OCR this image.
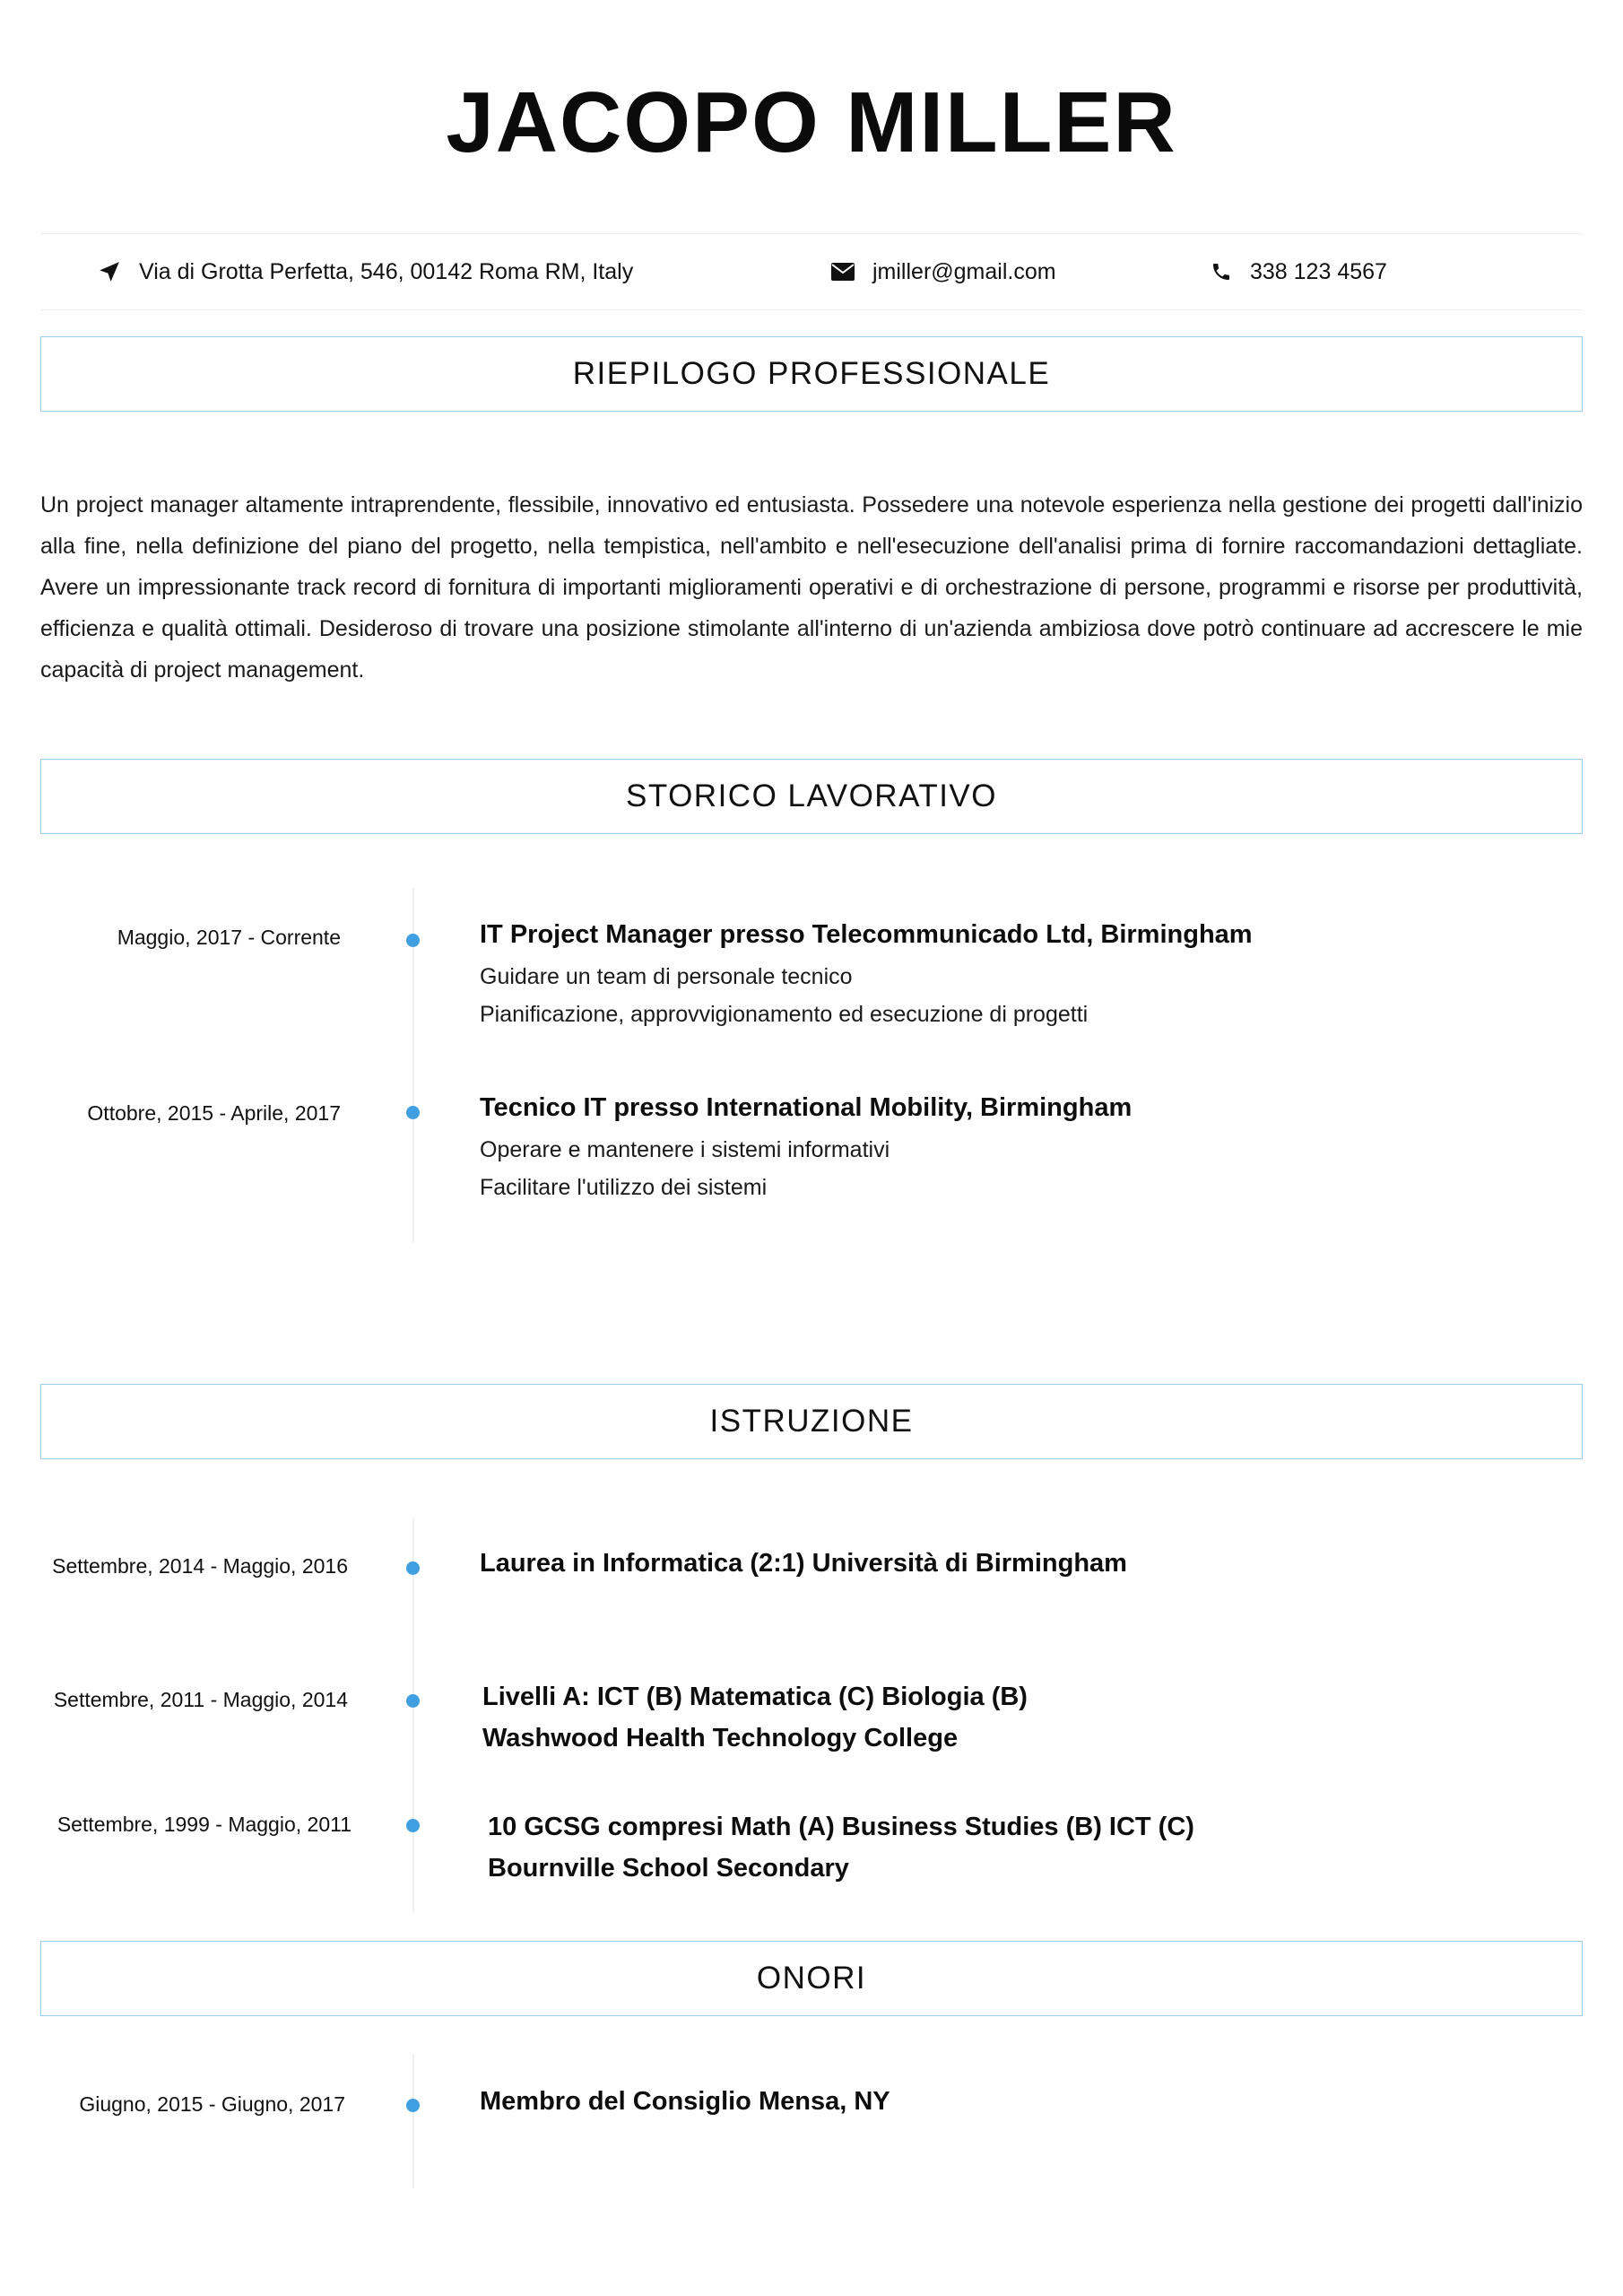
JACOPO MILLER
Via di Grotta Perfetta, 546, 00142 Roma RM, Italy	jmiller@gmail.com	338 123 4567
RIEPILOGO PROFESSIONALE
Un project manager altamente intraprendente, flessibile, innovativo ed entusiasta. Possedere una notevole esperienza nella gestione dei progetti dall'inizio alla fine, nella definizione del piano del progetto, nella tempistica, nell'ambito e nell'esecuzione dell'analisi prima di fornire raccomandazioni dettagliate. Avere un impressionante track record di fornitura di importanti miglioramenti operativi e di orchestrazione di persone, programmi e risorse per produttività, efficienza e qualità ottimali. Desideroso di trovare una posizione stimolante all'interno di un'azienda ambiziosa dove potrò continuare ad accrescere le mie capacità di project management.
STORICO LAVORATIVO
Maggio, 2017 - Corrente	IT Project Manager presso Telecommunicado Ltd, Birmingham
Guidare un team di personale tecnico
Pianificazione, approvvigionamento ed esecuzione di progetti
Ottobre, 2015 - Aprile, 2017	Tecnico IT presso International Mobility, Birmingham
Operare e mantenere i sistemi informativi
Facilitare l'utilizzo dei sistemi
ISTRUZIONE
Settembre, 2014 - Maggio, 2016	Laurea in Informatica (2:1) Università di Birmingham
Settembre, 2011 - Maggio, 2014	Livelli A: ICT (B) Matematica (C) Biologia (B)
Washwood Health Technology College
Settembre, 1999 - Maggio, 2011	10 GCSG compresi Math (A) Business Studies (B) ICT (C)
Bournville School Secondary
ONORI
Giugno, 2015 - Giugno, 2017	Membro del Consiglio Mensa, NY
